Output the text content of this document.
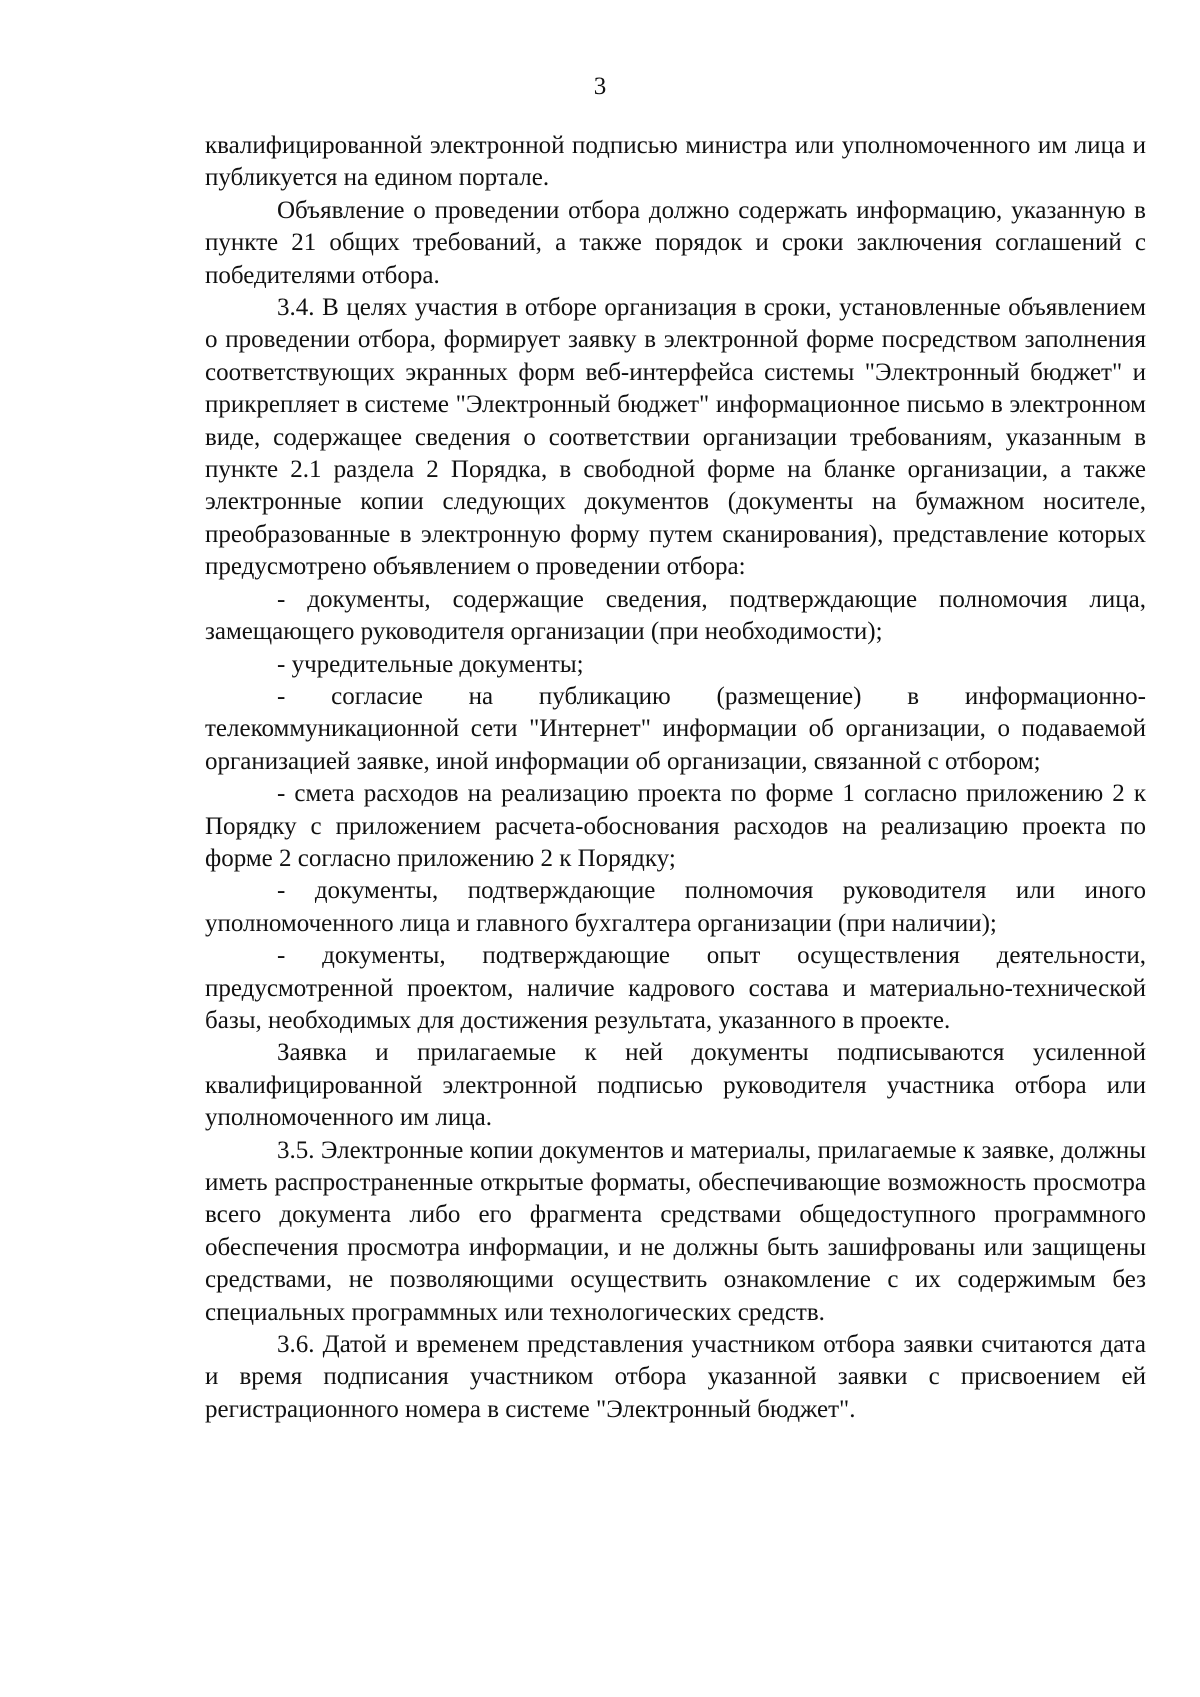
3

квалифицированной электронной подписью министра или уполномоченного им лица и публикуется на едином портале.

Объявление о проведении отбора должно содержать информацию, указанную в пункте 21 общих требований, а также порядок и сроки заключения соглашений с победителями отбора.

3.4. В целях участия в отборе организация в сроки, установленные объявлением о проведении отбора, формирует заявку в электронной форме посредством заполнения соответствующих экранных форм веб-интерфейса системы "Электронный бюджет" и прикрепляет в системе "Электронный бюджет" информационное письмо в электронном виде, содержащее сведения о соответствии организации требованиям, указанным в пункте 2.1 раздела 2 Порядка, в свободной форме на бланке организации, а также электронные копии следующих документов (документы на бумажном носителе, преобразованные в электронную форму путем сканирования), представление которых предусмотрено объявлением о проведении отбора:

- документы, содержащие сведения, подтверждающие полномочия лица, замещающего руководителя организации (при необходимости);

- учредительные документы;

- согласие на публикацию (размещение) в информационно-телекоммуникационной сети "Интернет" информации об организации, о подаваемой организацией заявке, иной информации об организации, связанной с отбором;

- смета расходов на реализацию проекта по форме 1 согласно приложению 2 к Порядку с приложением расчета-обоснования расходов на реализацию проекта по форме 2 согласно приложению 2 к Порядку;

- документы, подтверждающие полномочия руководителя или иного уполномоченного лица и главного бухгалтера организации (при наличии);

- документы, подтверждающие опыт осуществления деятельности, предусмотренной проектом, наличие кадрового состава и материально-технической базы, необходимых для достижения результата, указанного в проекте.

Заявка и прилагаемые к ней документы подписываются усиленной квалифицированной электронной подписью руководителя участника отбора или уполномоченного им лица.

3.5. Электронные копии документов и материалы, прилагаемые к заявке, должны иметь распространенные открытые форматы, обеспечивающие возможность просмотра всего документа либо его фрагмента средствами общедоступного программного обеспечения просмотра информации, и не должны быть зашифрованы или защищены средствами, не позволяющими осуществить ознакомление с их содержимым без специальных программных или технологических средств.

3.6. Датой и временем представления участником отбора заявки считаются дата и время подписания участником отбора указанной заявки с присвоением ей регистрационного номера в системе "Электронный бюджет".
